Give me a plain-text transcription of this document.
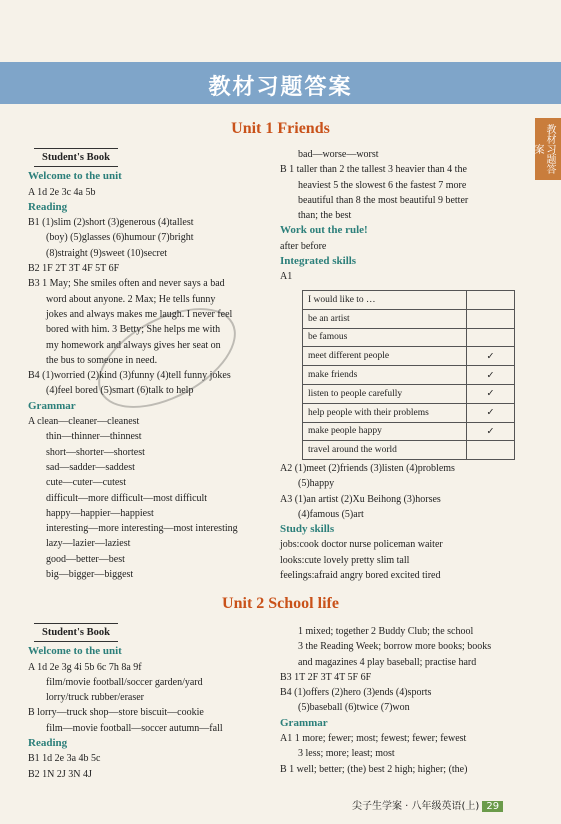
教材习题答案
教材习题答案
Unit 1 Friends
Student's Book

Welcome to the unit

A 1d 2e 3c 4a 5b

Reading

B1 (1)slim (2)short (3)generous (4)tallest

(boy) (5)glasses (6)humour (7)bright

(8)straight (9)sweet (10)secret

B2 1F 2T 3T 4F 5T 6F

B3 1 May; She smiles often and never says a bad

word about anyone. 2 Max; He tells funny

jokes and always makes me laugh. I never feel

bored with him. 3 Betty; She helps me with

my homework and always gives her seat on

the bus to someone in need.

B4 (1)worried (2)kind (3)funny (4)tell funny jokes

(4)feel bored (5)smart (6)talk to help

Grammar

A clean—cleaner—cleanest

thin—thinner—thinnest

short—shorter—shortest

sad—sadder—saddest

cute—cuter—cutest

difficult—more difficult—most difficult

happy—happier—happiest

interesting—more interesting—most interesting

lazy—lazier—laziest

good—better—best

big—bigger—biggest

bad—worse—worst

B 1 taller than 2 the tallest 3 heavier than 4 the

heaviest 5 the slowest 6 the fastest 7 more

beautiful than 8 the most beautiful 9 better

than; the best

Work out the rule!

after before

Integrated skills

A1

I would like to …	
be an artist	
be famous	
meet different people	✓
make friends	✓
listen to people carefully	✓
help people with their problems	✓
make people happy	✓
travel around the world	

A2 (1)meet (2)friends (3)listen (4)problems

(5)happy

A3 (1)an artist (2)Xu Beihong (3)horses

(4)famous (5)art

Study skills

jobs:cook doctor nurse policeman waiter

looks:cute lovely pretty slim tall

feelings:afraid angry bored excited tired

Unit 2 School life
Student's Book

Welcome to the unit

A 1d 2e 3g 4i 5b 6c 7h 8a 9f

film/movie football/soccer garden/yard

lorry/truck rubber/eraser

B lorry—truck shop—store biscuit—cookie

film—movie football—soccer autumn—fall

Reading

B1 1d 2e 3a 4b 5c

B2 1N 2J 3N 4J

1 mixed; together 2 Buddy Club; the school

3 the Reading Week; borrow more books; books

and magazines 4 play baseball; practise hard

B3 1T 2F 3T 4T 5F 6F

B4 (1)offers (2)hero (3)ends (4)sports

(5)baseball (6)twice (7)won

Grammar

A1 1 more; fewer; most; fewest; fewer; fewest

3 less; more; least; most

B 1 well; better; (the) best 2 high; higher; (the)

尖子生学案 · 八年级英语(上) 29
